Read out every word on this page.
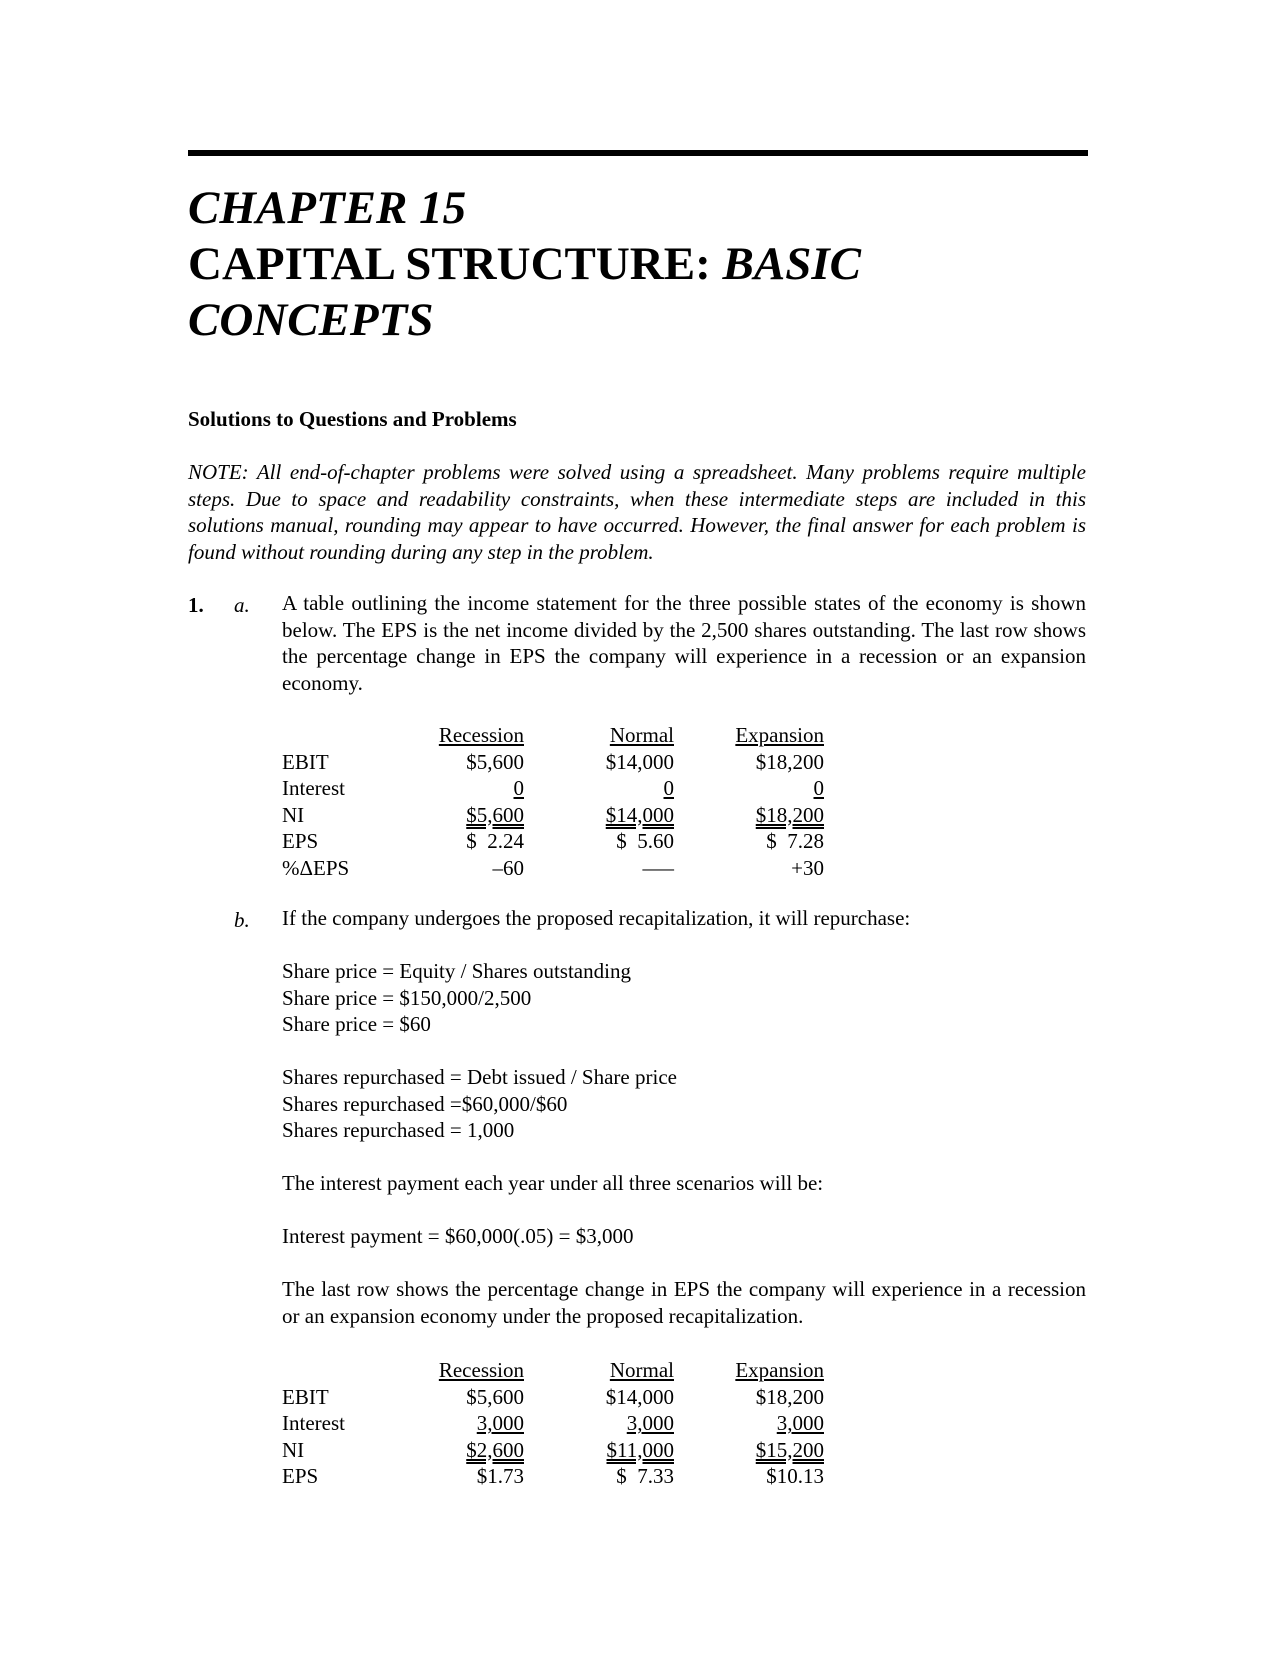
CHAPTER 15
CAPITAL STRUCTURE: BASIC
CONCEPTS

Solutions to Questions and Problems

NOTE: All end-of-chapter problems were solved using a spreadsheet. Many problems require multiple steps. Due to space and readability constraints, when these intermediate steps are included in this solutions manual, rounding may appear to have occurred. However, the final answer for each problem is found without rounding during any step in the problem.

1. a. A table outlining the income statement for the three possible states of the economy is shown below. The EPS is the net income divided by the 2,500 shares outstanding. The last row shows the percentage change in EPS the company will experience in a recession or an expansion economy.

Recession	Normal	Expansion
EBIT	$5,600	$14,000	$18,200
Interest	0	0	0
NI	$5,600	$14,000	$18,200
EPS	$  2.24	$  5.60	$  7.28
%ΔEPS	–60	–––	+30
b. If the company undergoes the proposed recapitalization, it will repurchase:
Share price = Equity / Shares outstanding
Share price = $150,000/2,500
Share price = $60
Shares repurchased = Debt issued / Share price
Shares repurchased =$60,000/$60
Shares repurchased = 1,000
The interest payment each year under all three scenarios will be:
Interest payment = $60,000(.05) = $3,000

The last row shows the percentage change in EPS the company will experience in a recession or an expansion economy under the proposed recapitalization.

Recession	Normal	Expansion
EBIT	$5,600	$14,000	$18,200
Interest	3,000	3,000	3,000
NI	$2,600	$11,000	$15,200
EPS	$1.73	$  7.33	$10.13
